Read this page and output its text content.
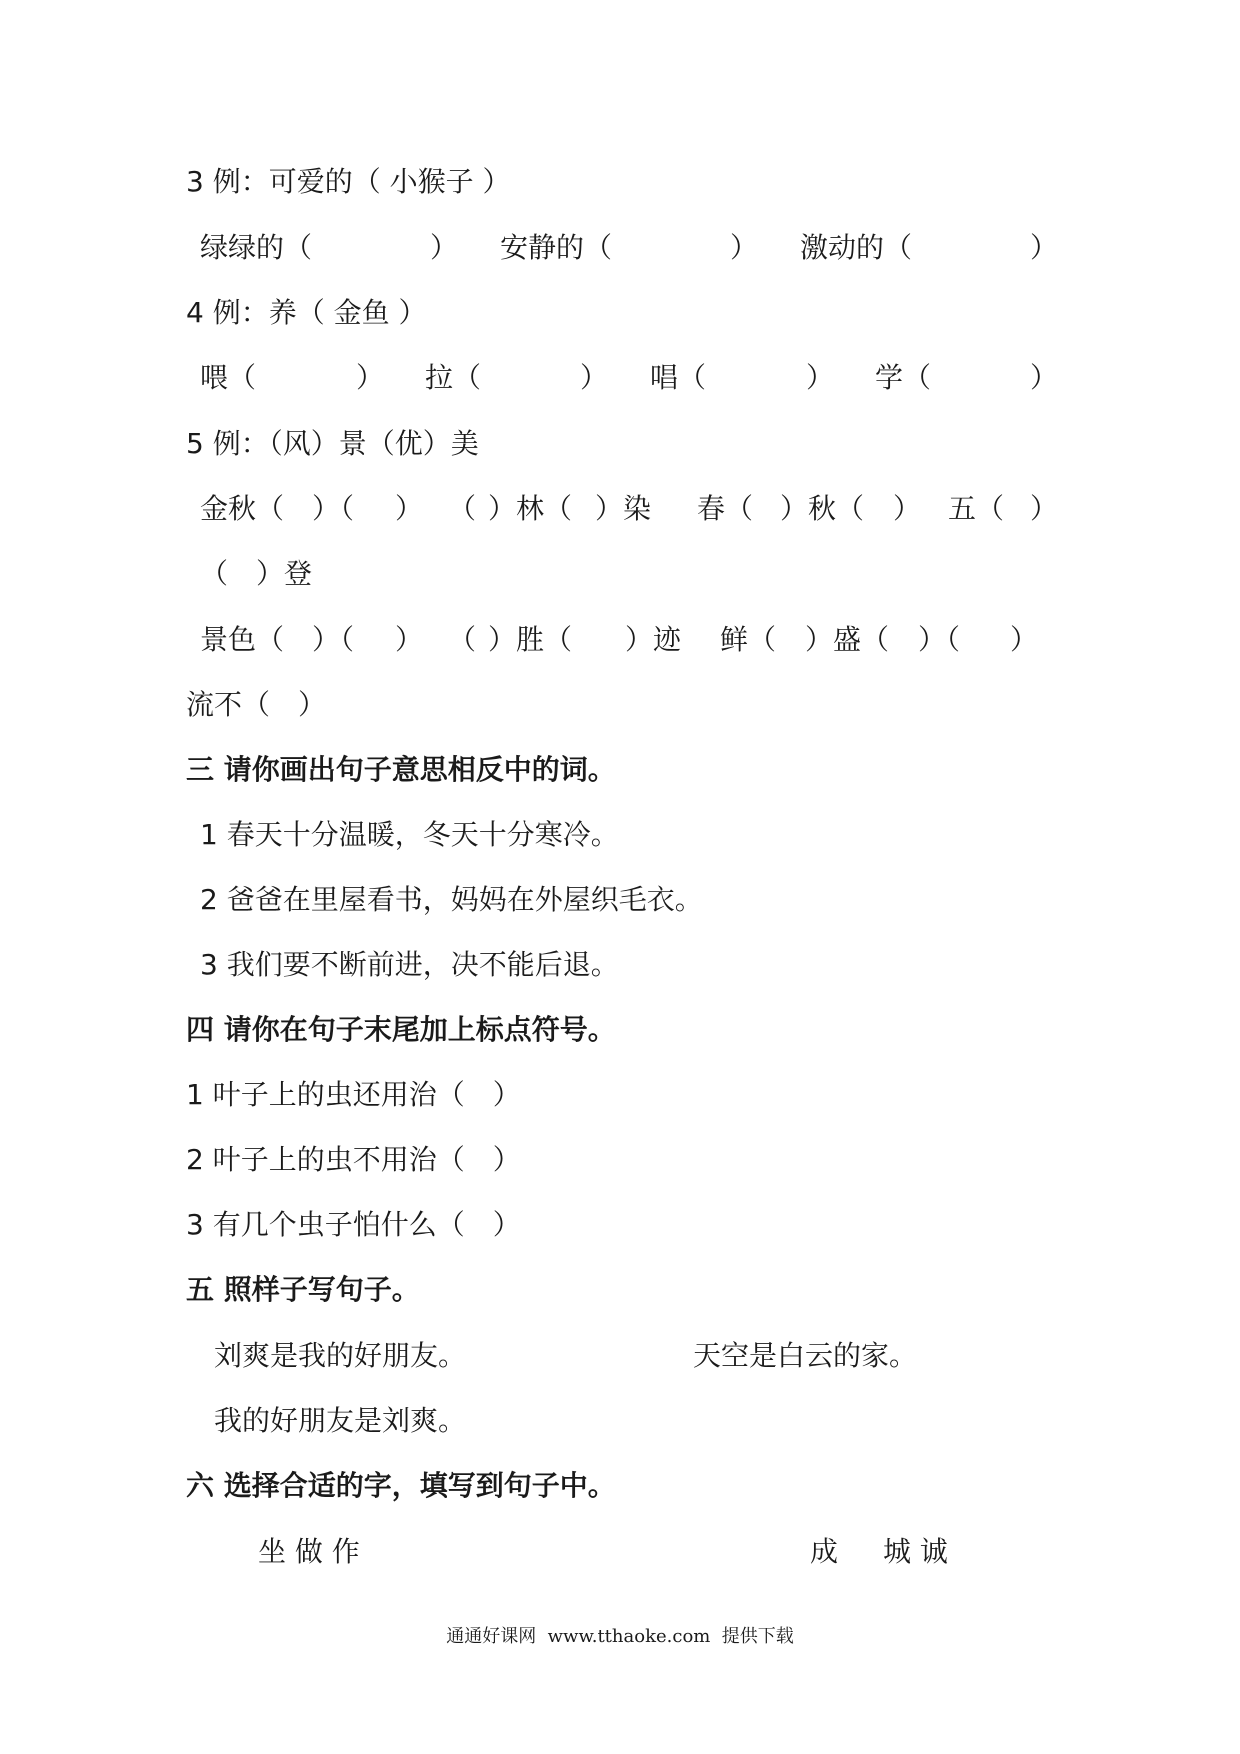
3 例：可爱的（ 小猴子 ）
绿绿的（	） 安静的（	） 激动的（	）
4 例：养（ 金鱼 ）
喂（	） 拉（	） 唱（	） 学（	）
5 例：（风）景（优）美
金秋（ ）（ ） （ ）林（ ）染 春（ ）秋（ ） 五（ ）
（　）登
景色（ ）（ ） （ ）胜（ ）迹 鲜（ ）盛（ ）（ ）
流不（　）
三 请你画出句子意思相反中的词。
1 春天十分温暖，冬天十分寒冷。
2 爸爸在里屋看书，妈妈在外屋织毛衣。
3 我们要不断前进，决不能后退。
四 请你在句子末尾加上标点符号。
1 叶子上的虫还用治（　）
2 叶子上的虫不用治（　）
3 有几个虫子怕什么（　）
五 照样子写句子。
刘爽是我的好朋友。	天空是白云的家。
我的好朋友是刘爽。
六 选择合适的字，填写到句子中。
坐 做 作	成 城 诚
通通好课网  www.tthaoke.com  提供下载
